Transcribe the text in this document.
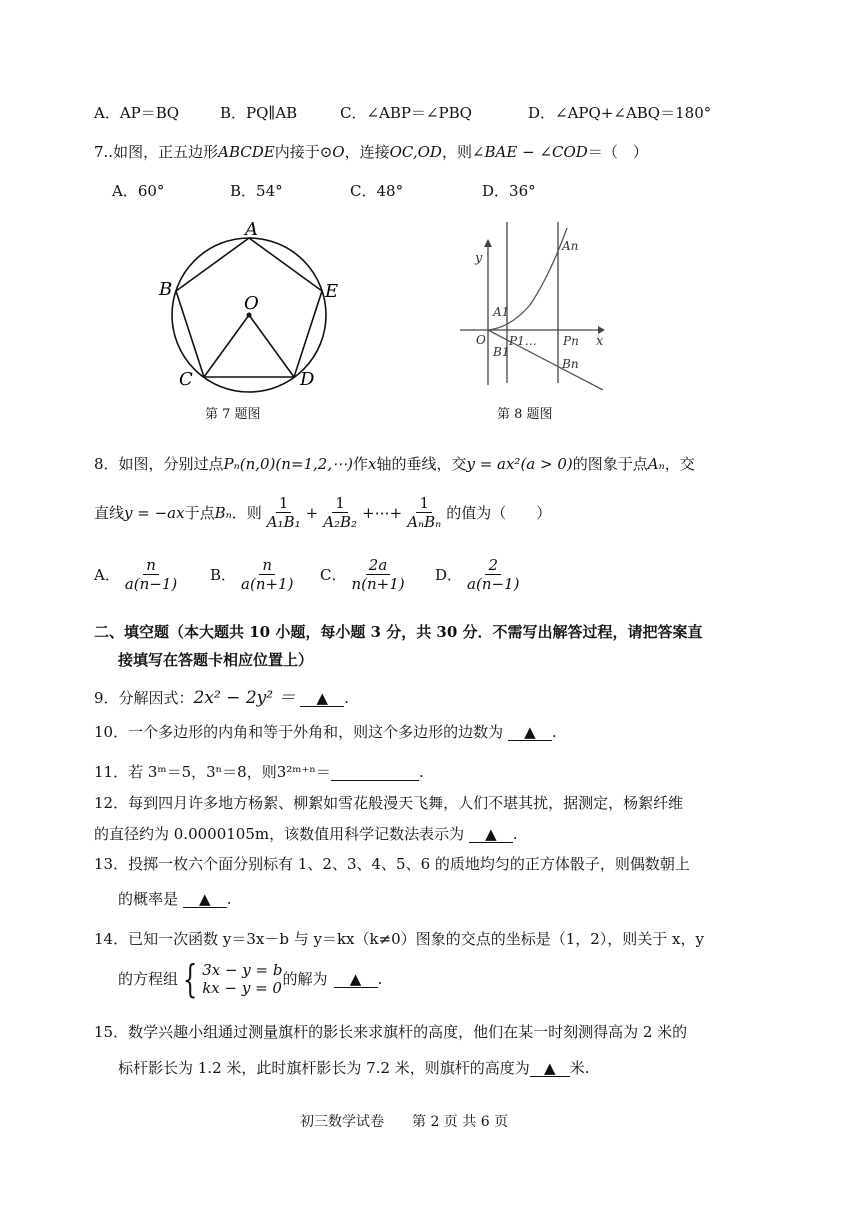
A．AP＝BQ	B．PQ∥AB	C．∠ABP＝∠PBQ	D．∠APQ+∠ABQ＝180°
7..如图，正五边形ABCDE内接于⊙O，连接OC,OD，则∠BAE − ∠COD＝（　）
A．60°	B．54°	C．48°	D．36°
A
B	E
O
C	D
第 7 题图
y
x
O
An
A1
P1… Pn
B1
Bn
第 8 题图
8．如图，分别过点Pₙ(n,0)(n=1,2,⋯)作x轴的垂线，交y = ax²(a > 0)的图象于点Aₙ，交
直线 y = −ax 于点 Bₙ ．则 $\frac{1}{\text{A₁B₁}} + \frac{1}{\text{A₂B₂}}$ +⋯+ $\frac{1}{\text{AₙBₙ}}$ 的值为（　　）
A． $\frac{n}{a(n-1)}$ B． $\frac{n}{a(n+1)}$ C． $\frac{2a}{n(n+1)}$ D． $\frac{2}{a(n-1)}$
二、填空题（本大题共 10 小题，每小题 3 分，共 30 分．不需写出解答过程，请把答案直
接填写在答题卡相应位置上）
9．分解因式：2x² − 2y² ＝ ▲ .
10．一个多边形的内角和等于外角和，则这个多边形的边数为 ▲ .
11．若 3ᵐ＝5，3ⁿ＝8，则3²ᵐ⁺ⁿ＝	.
12．每到四月许多地方杨絮、柳絮如雪花般漫天飞舞，人们不堪其扰，据测定，杨絮纤维
的直径约为 0.0000105m，该数值用科学记数法表示为 ▲ .
13．投掷一枚六个面分别标有 1、2、3、4、5、6 的质地均匀的正方体骰子，则偶数朝上
的概率是 ▲ .
14．已知一次函数 y＝3x－b 与 y＝kx（k≠0）图象的交点的坐标是（1，2），则关于 x，y
的方程组 { 3x − y = b
kx − y = 0 的解为	▲	.
15．数学兴趣小组通过测量旗杆的影长来求旗杆的高度，他们在某一时刻测得高为 2 米的
标杆影长为 1.2 米，此时旗杆影长为 7.2 米，则旗杆的高度为 ▲ 米.
初三数学试卷　　第 2 页 共 6 页
